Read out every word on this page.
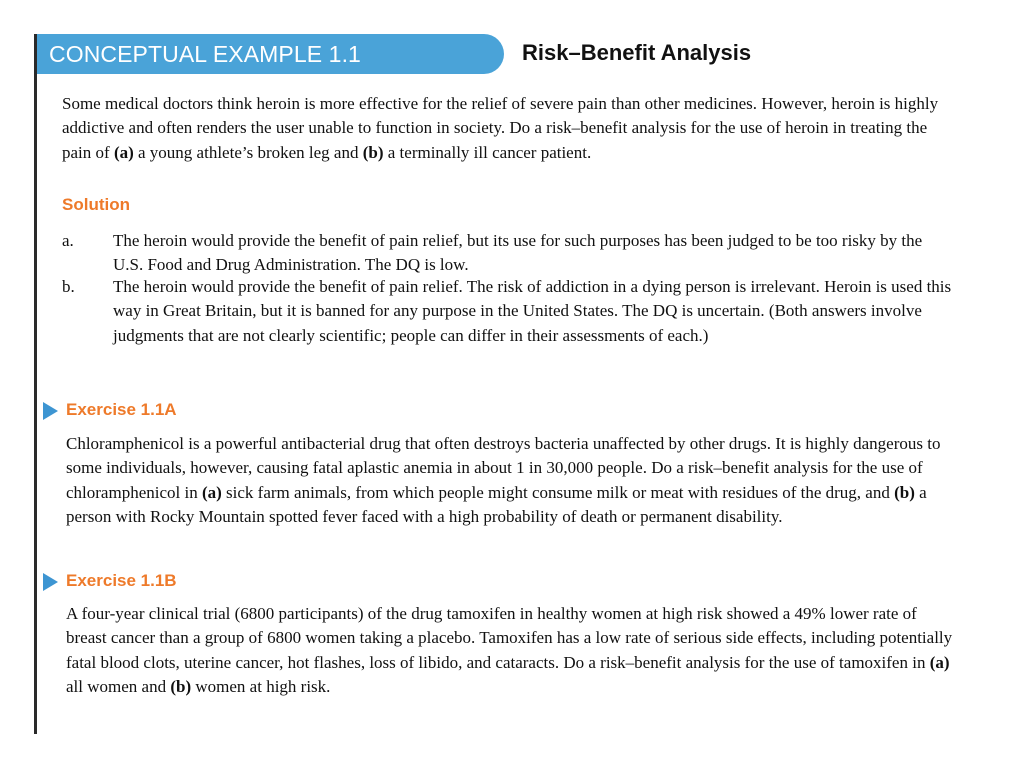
CONCEPTUAL EXAMPLE 1.1	Risk–Benefit Analysis
Some medical doctors think heroin is more effective for the relief of severe pain than other medicines. However, heroin is highly addictive and often renders the user unable to function in society. Do a risk–benefit analysis for the use of heroin in treating the pain of (a) a young athlete’s broken leg and (b) a terminally ill cancer patient.
Solution
a.	The heroin would provide the benefit of pain relief, but its use for such purposes has been judged to be too risky by the U.S. Food and Drug Administration. The DQ is low.
b.	The heroin would provide the benefit of pain relief. The risk of addiction in a dying person is irrelevant. Heroin is used this way in Great Britain, but it is banned for any purpose in the United States. The DQ is uncertain. (Both answers involve judgments that are not clearly scientific; people can differ in their assessments of each.)
Exercise 1.1A
Chloramphenicol is a powerful antibacterial drug that often destroys bacteria unaffected by other drugs. It is highly dangerous to some individuals, however, causing fatal aplastic anemia in about 1 in 30,000 people. Do a risk–benefit analysis for the use of chloramphenicol in (a) sick farm animals, from which people might consume milk or meat with residues of the drug, and (b) a person with Rocky Mountain spotted fever faced with a high probability of death or permanent disability.
Exercise 1.1B
A four-year clinical trial (6800 participants) of the drug tamoxifen in healthy women at high risk showed a 49% lower rate of breast cancer than a group of 6800 women taking a placebo. Tamoxifen has a low rate of serious side effects, including potentially fatal blood clots, uterine cancer, hot flashes, loss of libido, and cataracts. Do a risk–benefit analysis for the use of tamoxifen in (a) all women and (b) women at high risk.
